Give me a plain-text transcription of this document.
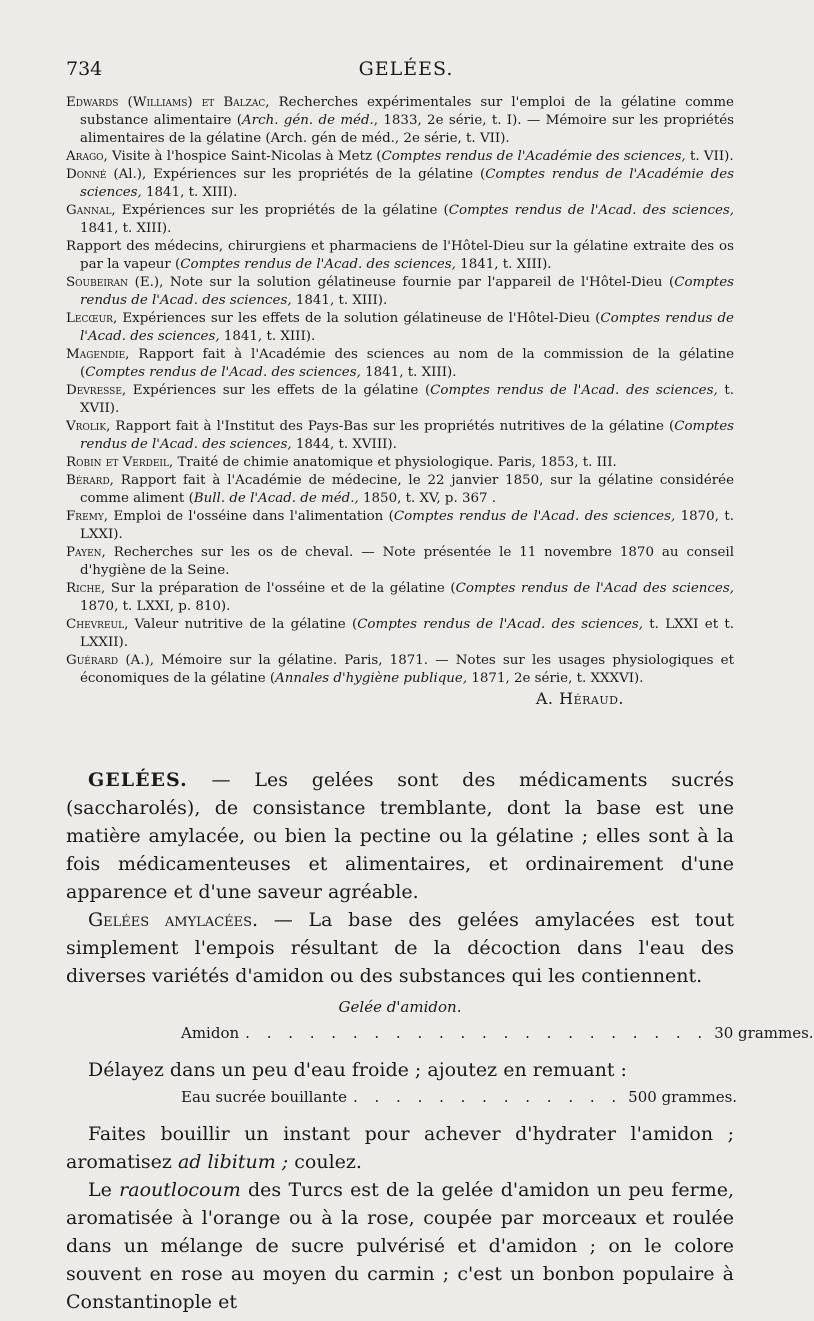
734	GELÉES.

Edwards (Williams) et Balzac, Recherches expérimentales sur l'emploi de la gélatine comme substance alimentaire (Arch. gén. de méd., 1833, 2e série, t. I). — Mémoire sur les propriétés alimentaires de la gélatine (Arch. gén de méd., 2e série, t. VII).

Arago, Visite à l'hospice Saint-Nicolas à Metz (Comptes rendus de l'Académie des sciences, t. VII).

Donné (Al.), Expériences sur les propriétés de la gélatine (Comptes rendus de l'Académie des sciences, 1841, t. XIII).

Gannal, Expériences sur les propriétés de la gélatine (Comptes rendus de l'Acad. des sciences, 1841, t. XIII).

Rapport des médecins, chirurgiens et pharmaciens de l'Hôtel-Dieu sur la gélatine extraite des os par la vapeur (Comptes rendus de l'Acad. des sciences, 1841, t. XIII).

Soubeiran (E.), Note sur la solution gélatineuse fournie par l'appareil de l'Hôtel-Dieu (Comptes rendus de l'Acad. des sciences, 1841, t. XIII).

Lecœur, Expériences sur les effets de la solution gélatineuse de l'Hôtel-Dieu (Comptes rendus de l'Acad. des sciences, 1841, t. XIII).

Magendie, Rapport fait à l'Académie des sciences au nom de la commission de la gélatine (Comptes rendus de l'Acad. des sciences, 1841, t. XIII).

Devresse, Expériences sur les effets de la gélatine (Comptes rendus de l'Acad. des sciences, t. XVII).

Vrolik, Rapport fait à l'Institut des Pays-Bas sur les propriétés nutritives de la gélatine (Comptes rendus de l'Acad. des sciences, 1844, t. XVIII).

Robin et Verdeil, Traité de chimie anatomique et physiologique. Paris, 1853, t. III.

Bérard, Rapport fait à l'Académie de médecine, le 22 janvier 1850, sur la gélatine considérée comme aliment (Bull. de l'Acad. de méd., 1850, t. XV, p. 367 .

Fremy, Emploi de l'osséine dans l'alimentation (Comptes rendus de l'Acad. des sciences, 1870, t. LXXI).

Payen, Recherches sur les os de cheval. — Note présentée le 11 novembre 1870 au conseil d'hygiène de la Seine.

Riche, Sur la préparation de l'osséine et de la gélatine (Comptes rendus de l'Acad des sciences, 1870, t. LXXI, p. 810).

Chevreul, Valeur nutritive de la gélatine (Comptes rendus de l'Acad. des sciences, t. LXXI et t. LXXII).

Guérard (A.), Mémoire sur la gélatine. Paris, 1871. — Notes sur les usages physiologiques et économiques de la gélatine (Annales d'hygiène publique, 1871, 2e série, t. XXXVI).

A. Héraud.

GELÉES. — Les gelées sont des médicaments sucrés (saccharolés), de consistance tremblante, dont la base est une matière amylacée, ou bien la pectine ou la gélatine ; elles sont à la fois médicamenteuses et alimentaires, et ordinairement d'une apparence et d'une saveur agréable.

Gelées amylacées. — La base des gelées amylacées est tout simplement l'empois résultant de la décoction dans l'eau des diverses variétés d'amidon ou des substances qui les contiennent.

Gelée d'amidon.
Amidon . . . . . . . . . . . . . . . . . . . . . . 30 grammes.

Délayez dans un peu d'eau froide ; ajoutez en remuant :

Eau sucrée bouillante . . . . . . . . . . . . . 500 grammes.

Faites bouillir un instant pour achever d'hydrater l'amidon ; aromatisez ad libitum ; coulez.

Le raoutlocoum des Turcs est de la gelée d'amidon un peu ferme, aromatisée à l'orange ou à la rose, coupée par morceaux et roulée dans un mélange de sucre pulvérisé et d'amidon ; on le colore souvent en rose au moyen du carmin ; c'est un bonbon populaire à Constantinople et
